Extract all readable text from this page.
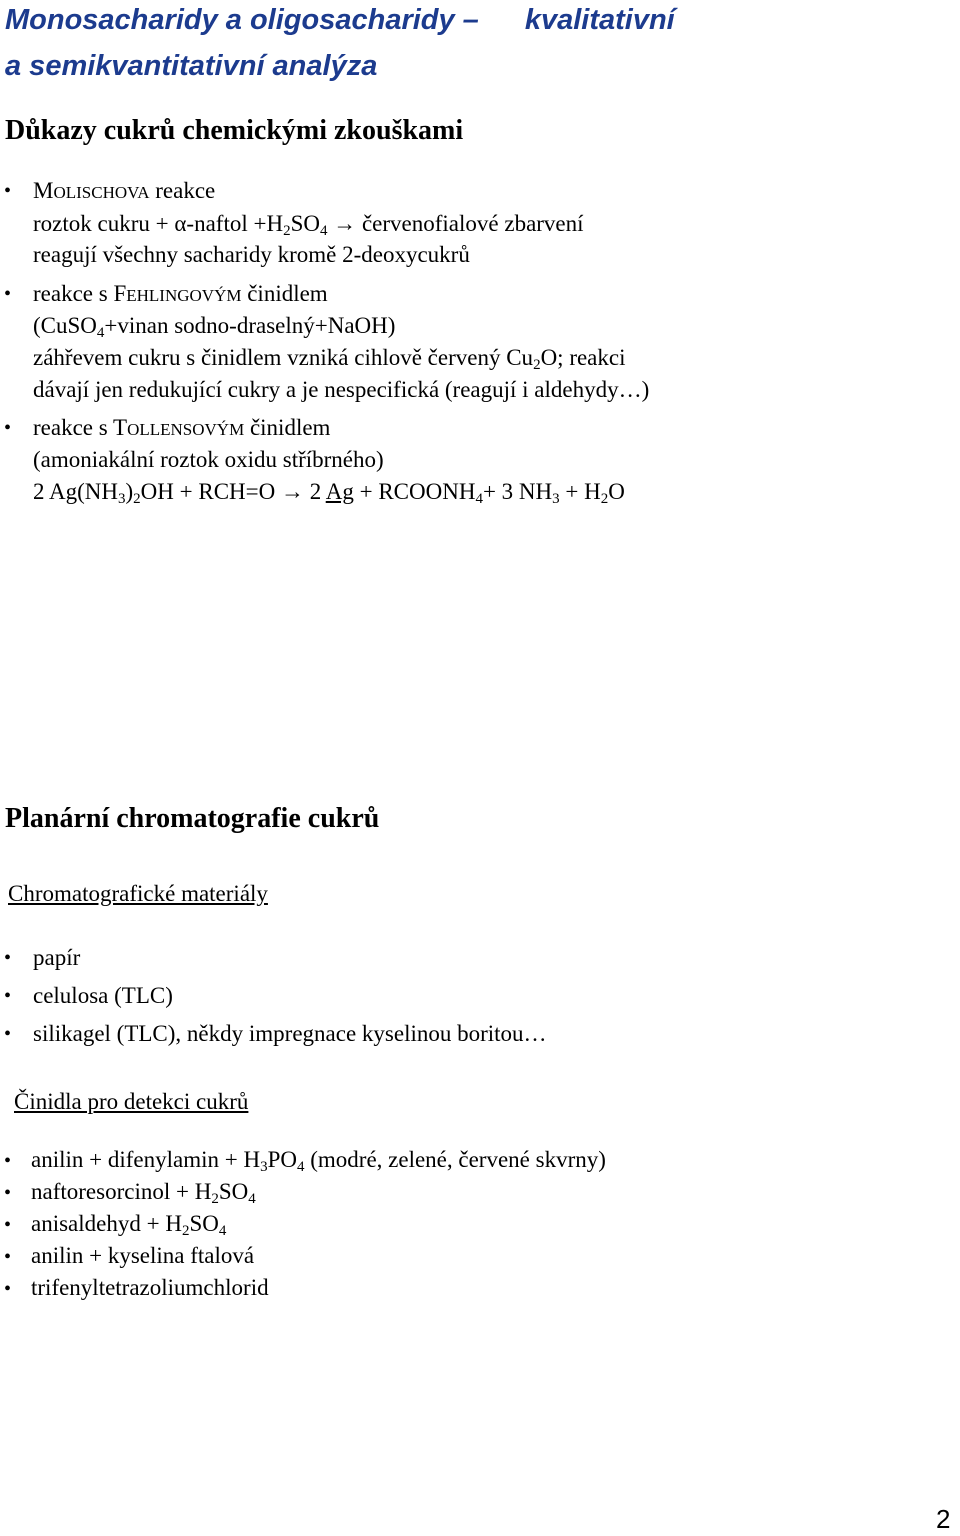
Monosacharidy a oligosacharidy – kvalitativní
a semikvantitativní analýza
Důkazy cukrů chemickými zkouškami
• MOLISCHOVA reakce
roztok cukru + α-naftol $+H_2SO_4$ → červenofialové zbarvení
reagují všechny sacharidy kromě 2-deoxycukrů
• reakce s FEHLINGOVÝM činidlem
(CuSO$_4$+vinan sodno-draselný+NaOH)
záhřevem cukru s činidlem vzniká cihlově červený $Cu_2O$; reakci
dávají jen redukující cukry a je nespecifická (reagují i aldehydy…)
• reakce s TOLLENSOVÝM činidlem
(amoniakální roztok oxidu stříbrného)
2 $Ag(NH_3)_2OH + RCH=O \to 2$ $Ag + RCOONH_4+ 3$ $NH_3 + H_2O$
Planární chromatografie cukrů
Chromatografické materiály
• papír
• celulosa (TLC)
• silikagel (TLC), někdy impregnace kyselinou boritou…
Činidla pro detekci cukrů
• anilin + difenylamin + $H_3PO_4$ (modré, zelené, červené skvrny)
• naftoresorcinol + $H_2SO_4$
• anisaldehyd + $H_2SO_4$
• anilin + kyselina ftalová
• trifenyltetrazoliumchlorid
2
